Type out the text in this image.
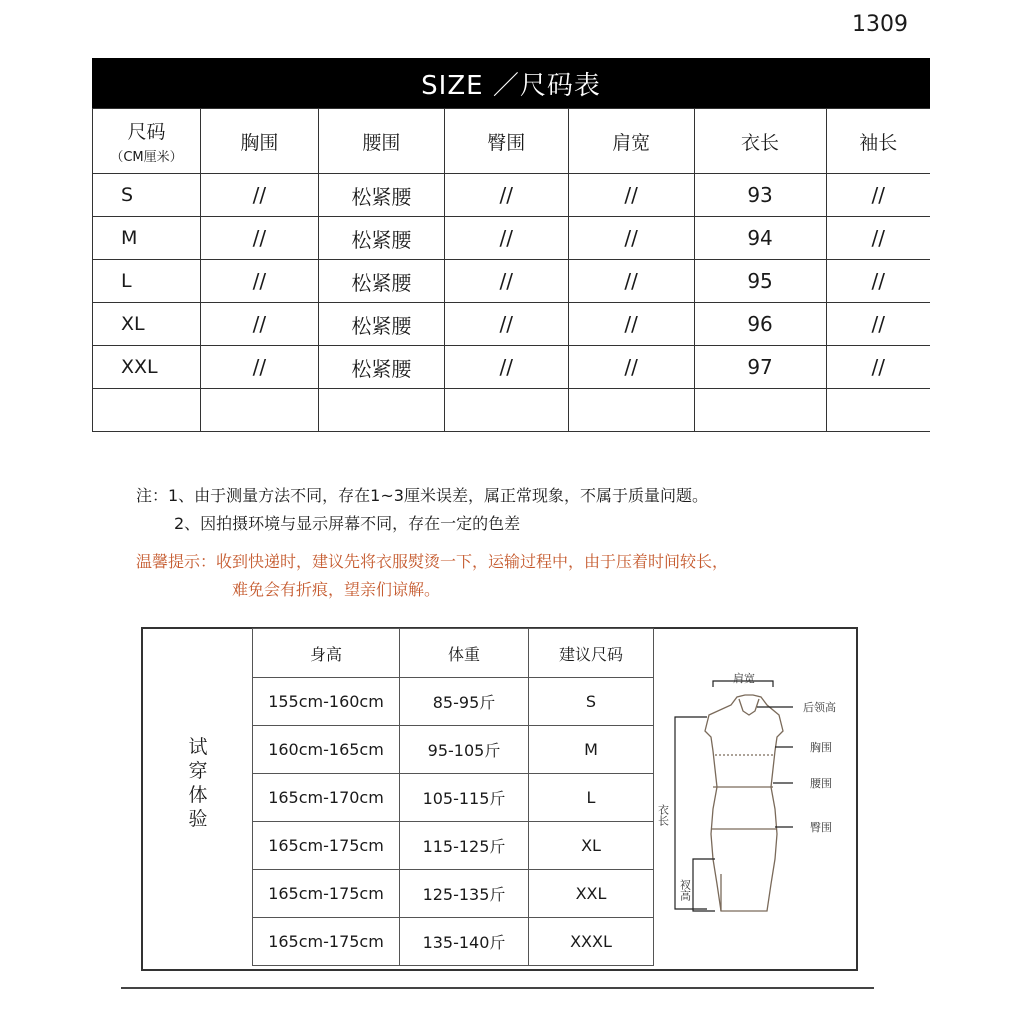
1309
SIZE ／尺码表
尺码
（CM厘米）	胸围	腰围	臀围	肩宽	衣长	袖长
S	//	松紧腰	//	//	93	//
M	//	松紧腰	//	//	94	//
L	//	松紧腰	//	//	95	//
XL	//	松紧腰	//	//	96	//
XXL	//	松紧腰	//	//	97	//

注：1、由于测量方法不同，存在1~3厘米误差，属正常现象，不属于质量问题。
2、因拍摄环境与显示屏幕不同，存在一定的色差
温馨提示：收到快递时，建议先将衣服熨烫一下，运输过程中，由于压着时间较长，
难免会有折痕，望亲们谅解。
试穿体验
身高	体重	建议尺码
155cm-160cm	85-95斤	S
160cm-165cm	95-105斤	M
165cm-170cm	105-115斤	L
165cm-175cm	115-125斤	XL
165cm-175cm	125-135斤	XXL
165cm-175cm	135-140斤	XXXL
肩宽
后领高
胸围
腰围
臀围
衣长
衩高
